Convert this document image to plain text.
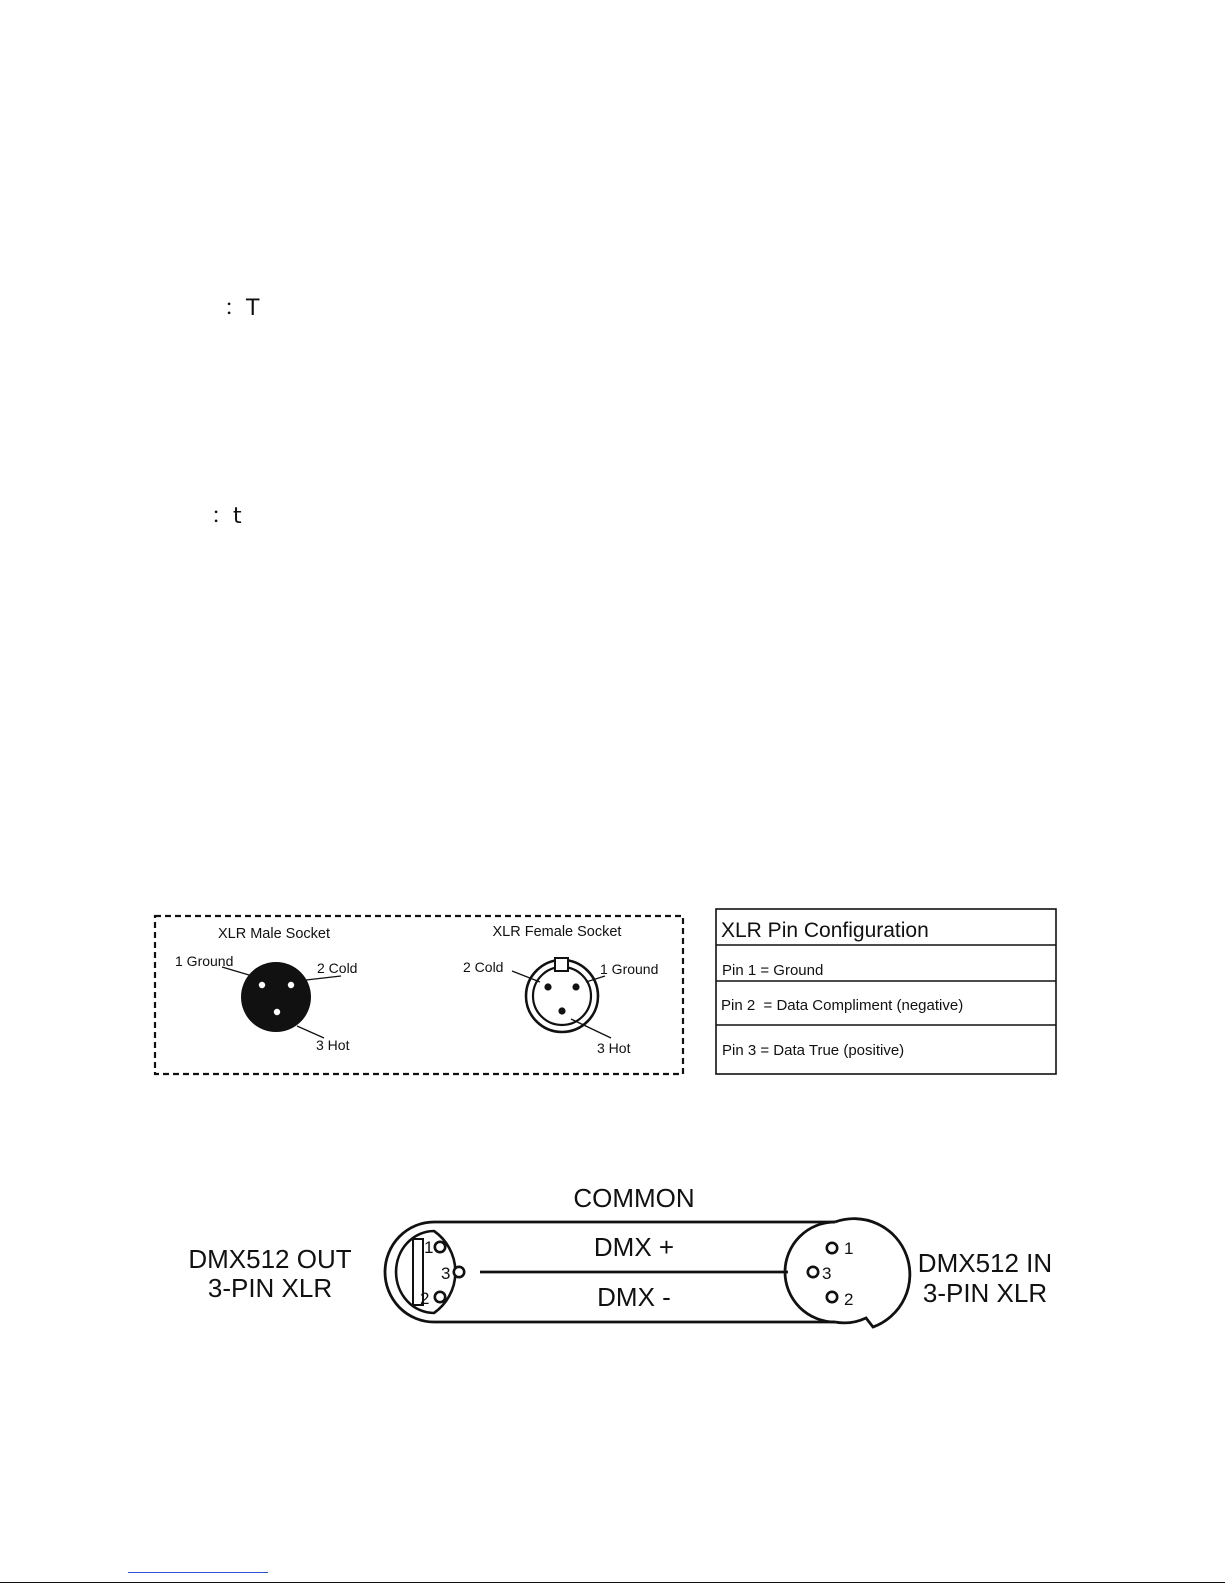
：T
：t
XLR Male Socket
1 Ground	2 Cold
3 Hot
XLR Female Socket
2 Cold	1 Ground
3 Hot
XLR Pin Configuration
Pin 1 = Ground
Pin 2  = Data Compliment (negative)
Pin 3 = Data True (positive)
COMMON
1
3
2
1
3
2
DMX +
DMX -
DMX512 OUT
3-PIN XLR
DMX512 IN
3-PIN XLR
